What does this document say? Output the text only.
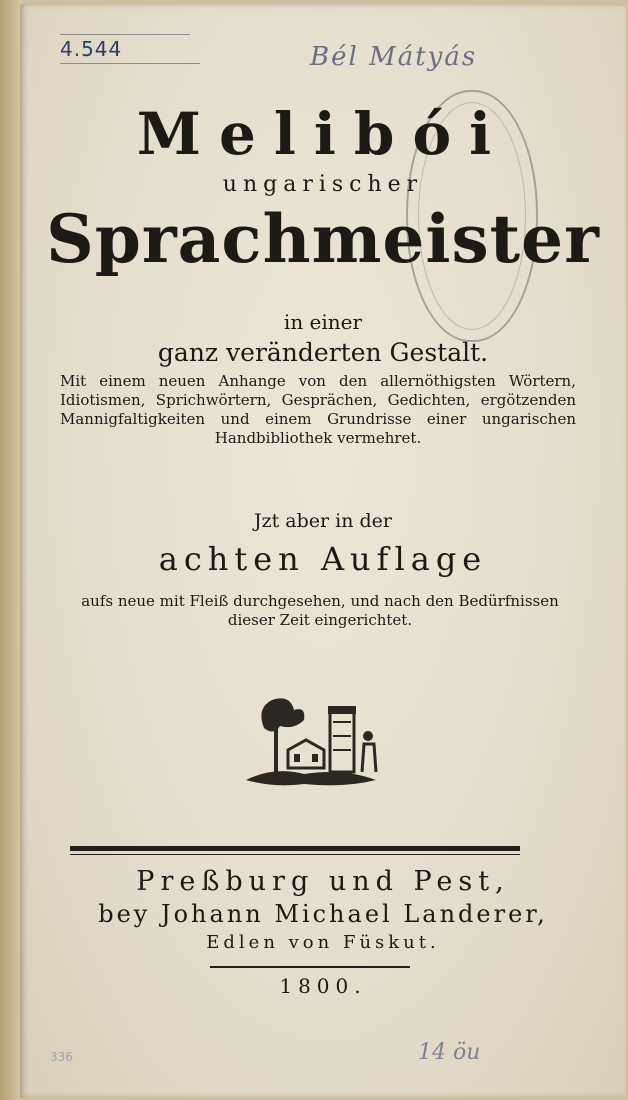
4.544	Bél Mátyás
Melibói
ungarischer
Sprachmeister
in einer
ganz veränderten Gestalt.
Mit einem neuen Anhange von den allernöthigsten Wörtern, Idiotismen, Sprichwörtern, Gesprächen, Gedichten, ergötzenden Mannigfaltigkeiten und einem Grundrisse einer ungarischen Handbibliothek vermehret.
Jzt aber in der
achten Auflage
aufs neue mit Fleiß durchgesehen, und nach den Bedürfnissen dieser Zeit eingerichtet.
Preßburg und Pest,
bey Johann Michael Landerer,
Edlen von Füskut.
1800.
336	14 öu
